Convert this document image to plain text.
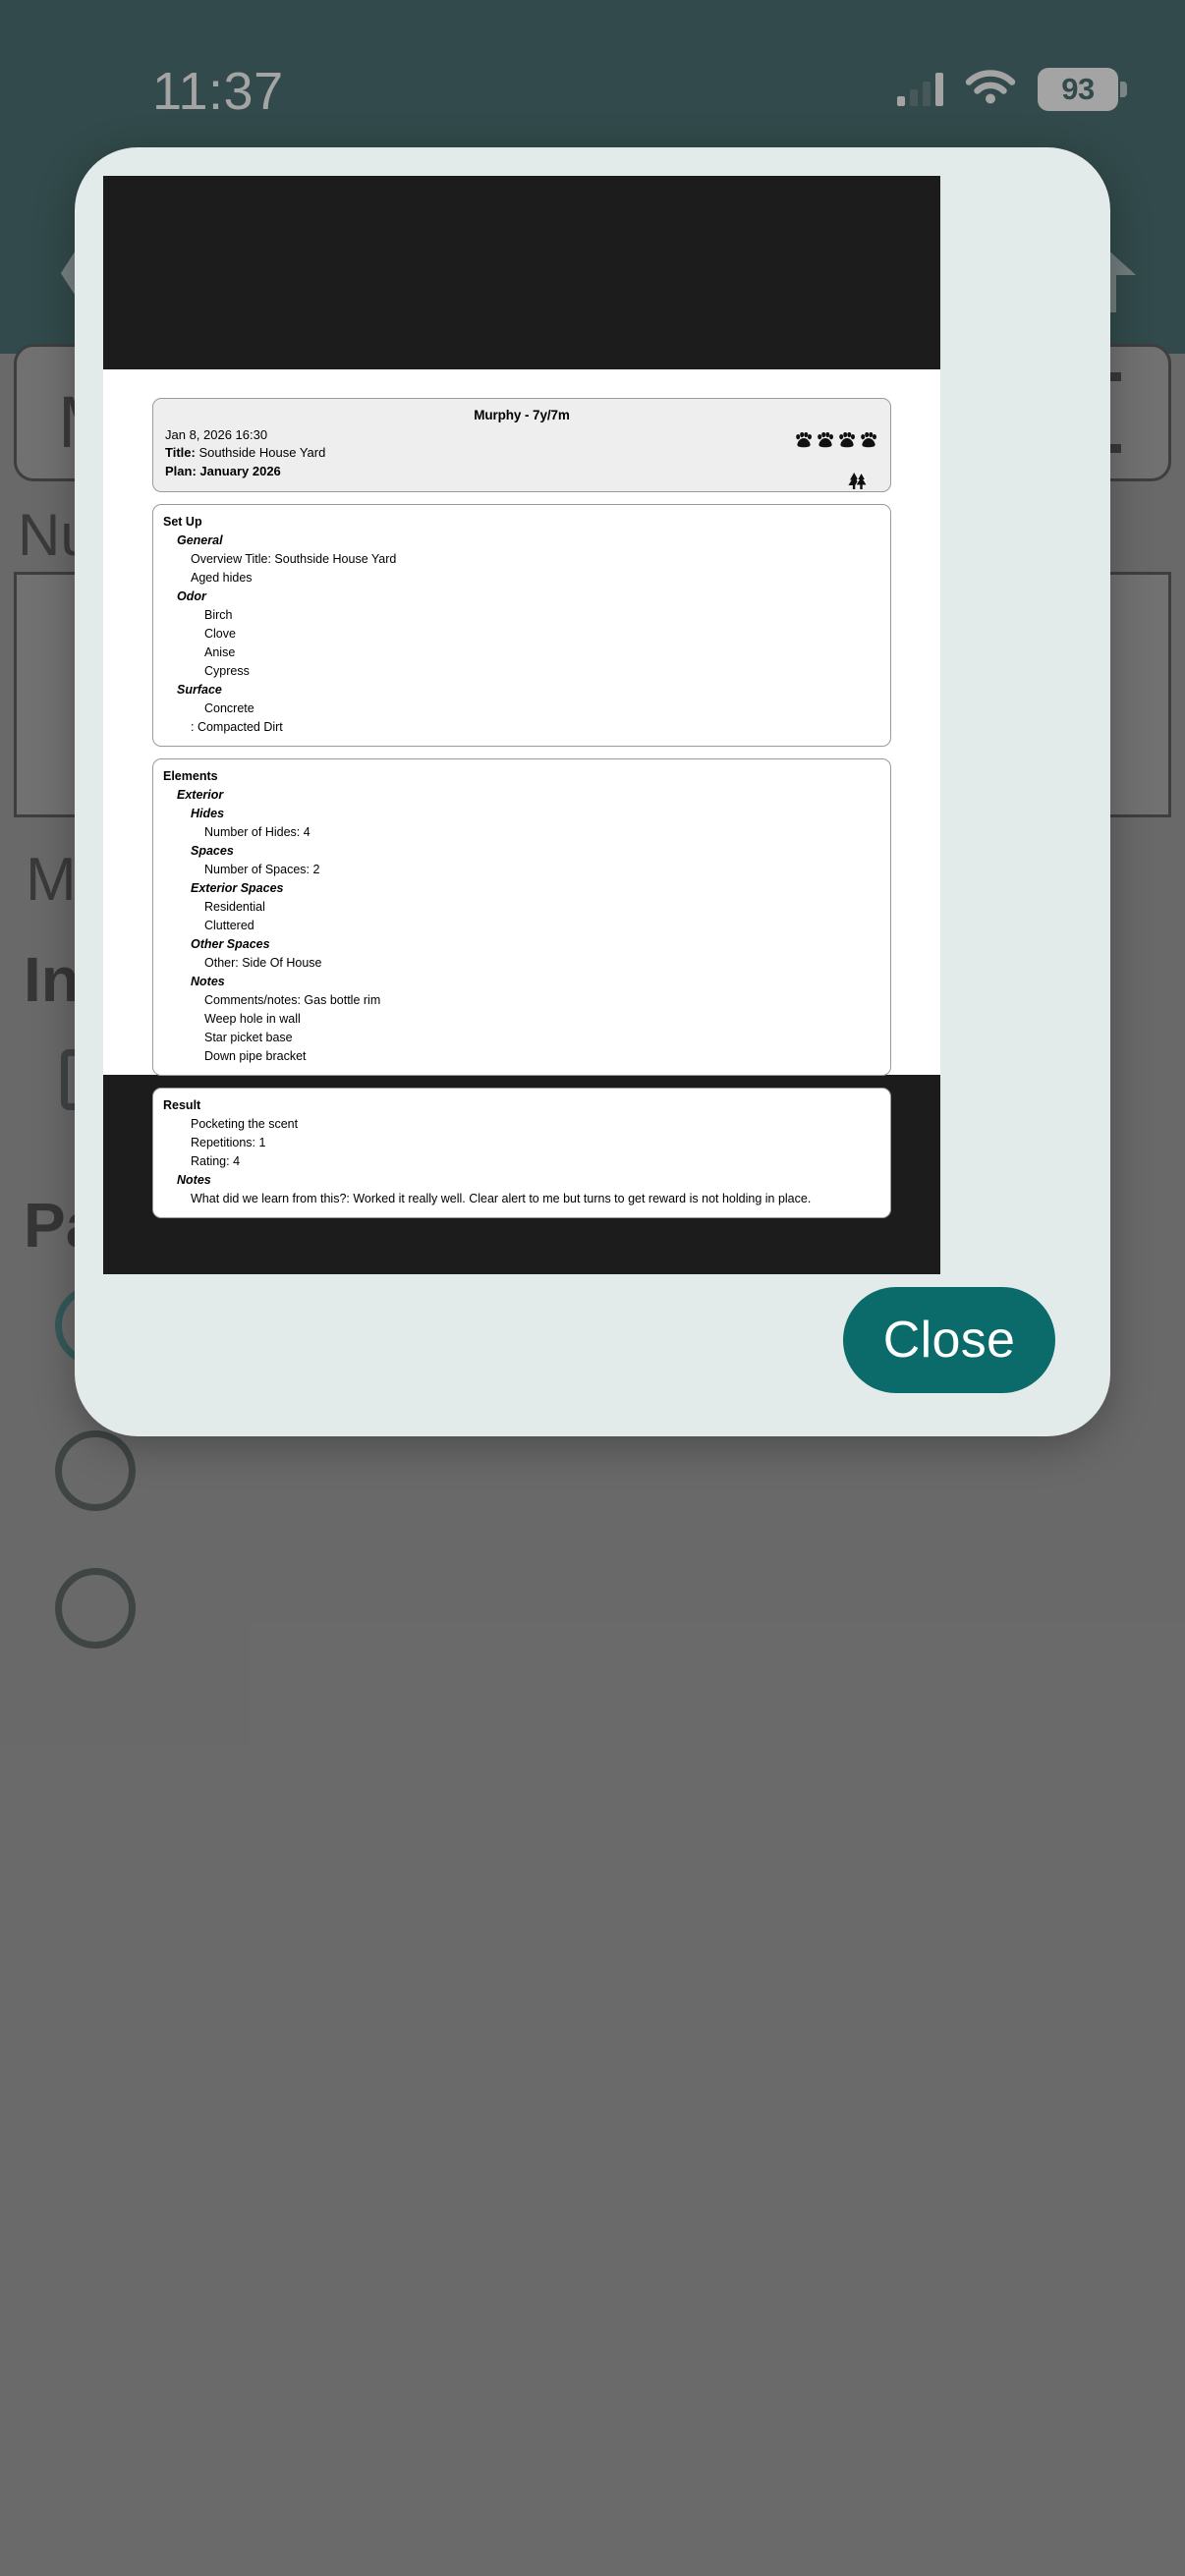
Murphy - 7y/7m
Jan 8, 2026 16:30
Title: Southside House Yard
Plan: January 2026
Set Up
General
Overview Title: Southside House Yard
Aged hides
Odor
Birch
Clove
Anise
Cypress
Surface
Concrete
: Compacted Dirt
Elements
Exterior
Hides
Number of Hides: 4
Spaces
Number of Spaces: 2
Exterior Spaces
Residential
Cluttered
Other Spaces
Other: Side Of House
Notes
Comments/notes: Gas bottle rim
Weep hole in wall
Star picket base
Down pipe bracket
Result
Pocketing the scent
Repetitions: 1
Rating: 4
Notes
What did we learn from this?: Worked it really well. Clear alert to me but turns to get reward is not holding in place.
Close
